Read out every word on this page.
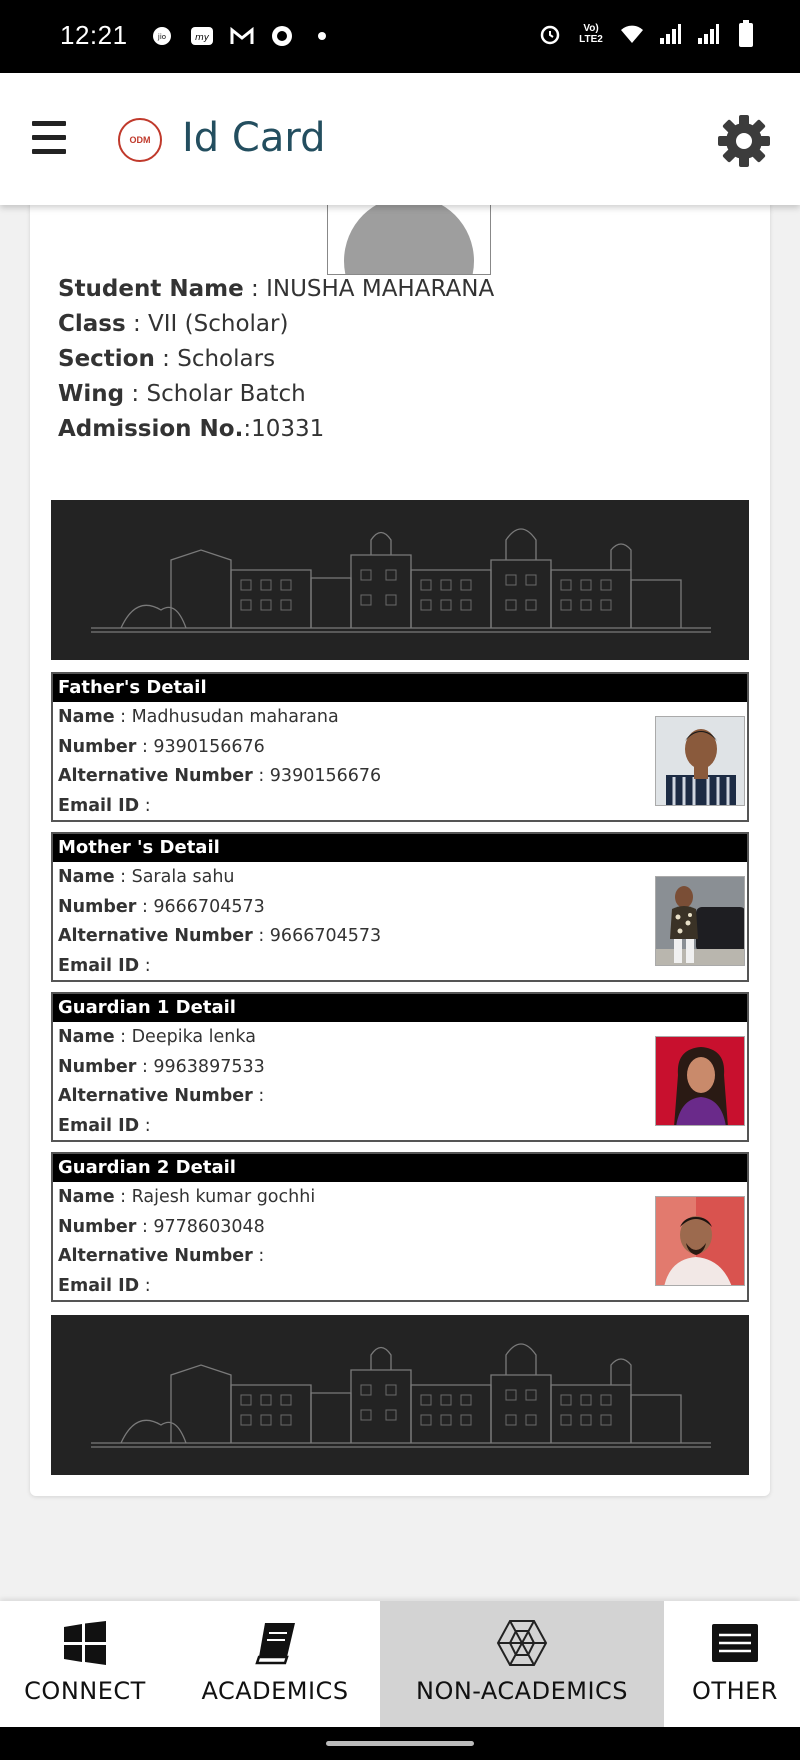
12:21	jio	my
Vo) LTE2
ODM Id Card
Student Name : INUSHA MAHARANA
Class : VII (Scholar)
Section : Scholars
Wing : Scholar Batch
Admission No.:10331
Father's Detail
Name : Madhusudan maharana
Number : 9390156676
Alternative Number : 9390156676
Email ID :
Mother 's Detail
Name : Sarala sahu
Number : 9666704573
Alternative Number : 9666704573
Email ID :
Guardian 1 Detail
Name : Deepika lenka
Number : 9963897533
Alternative Number :
Email ID :
Guardian 2 Detail
Name : Rajesh kumar gochhi
Number : 9778603048
Alternative Number :
Email ID :
CONNECT ACADEMICS	NON-ACADEMICS	OTHER
